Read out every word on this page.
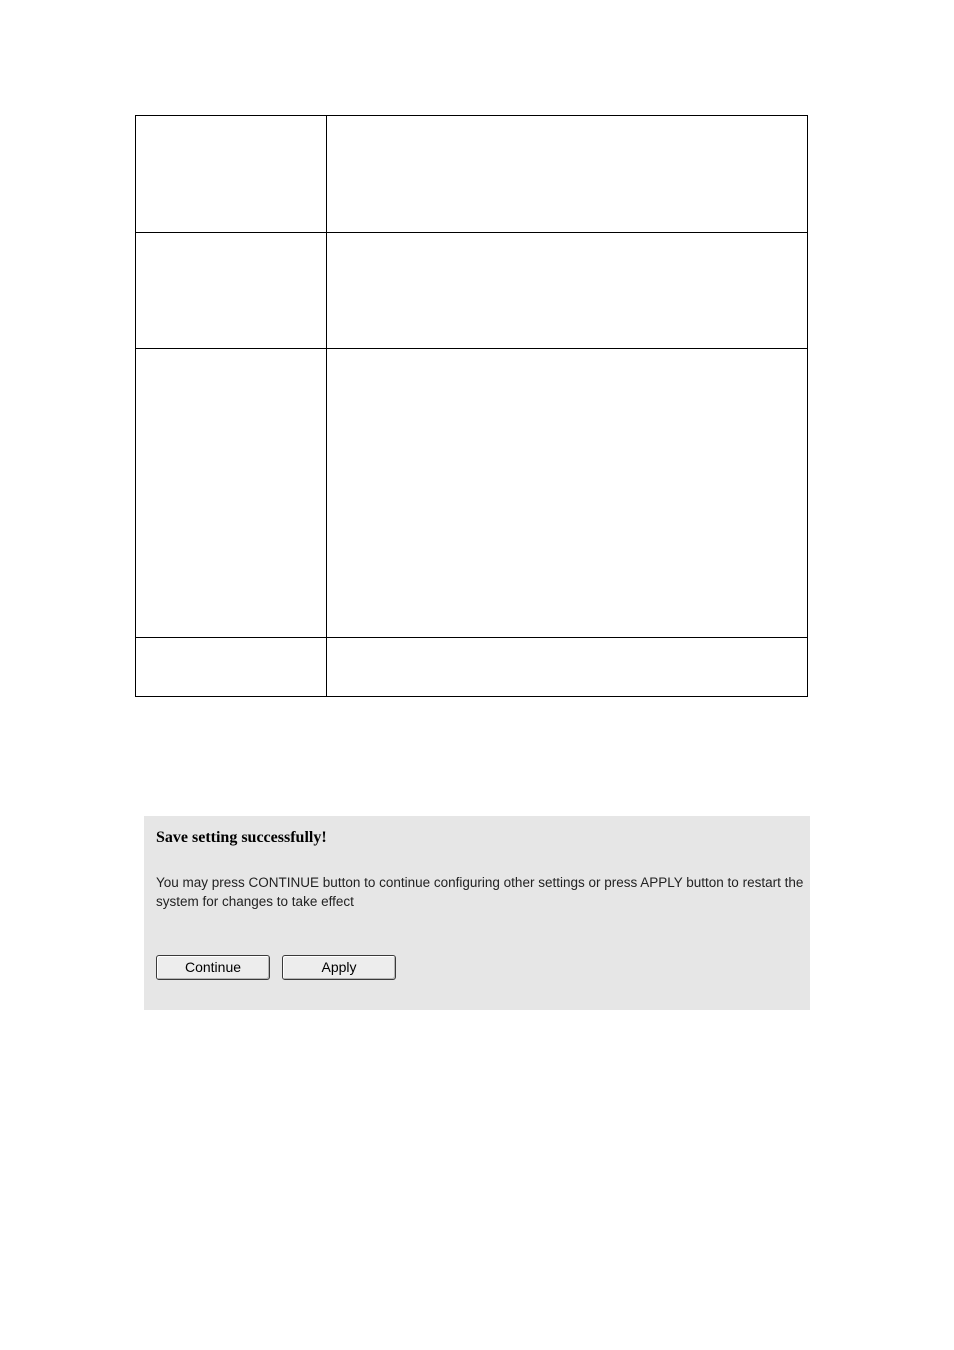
Save setting successfully!

You may press CONTINUE button to continue configuring other settings or press APPLY button to restart the system for changes to take effect

Continue	Apply
